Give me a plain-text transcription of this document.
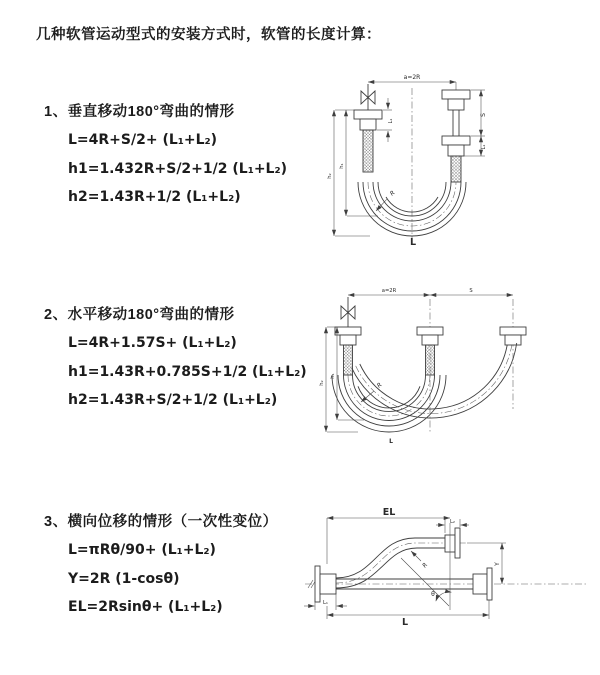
几种软管运动型式的安装方式时，软管的长度计算：
1、垂直移动180°弯曲的情形

L=4R+S/2+ (L₁+L₂)

h1=1.432R+S/2+1/2 (L₁+L₂)

h2=1.43R+1/2 (L₁+L₂)

2、水平移动180°弯曲的情形

L=4R+1.57S+ (L₁+L₂)

h1=1.43R+0.785S+1/2 (L₁+L₂)

h2=1.43R+S/2+1/2 (L₁+L₂)

3、横向位移的情形（一次性变位）

L=πRθ/90+ (L₁+L₂)

Y=2R (1-cosθ)

EL=2Rsinθ+ (L₁+L₂)

a=2R
h₂
h₁
L₁
S
L₁
R
L
a=2R	S
h₂
h₁
R
L
θ
EL
L₂
Y
R
L
L₁
